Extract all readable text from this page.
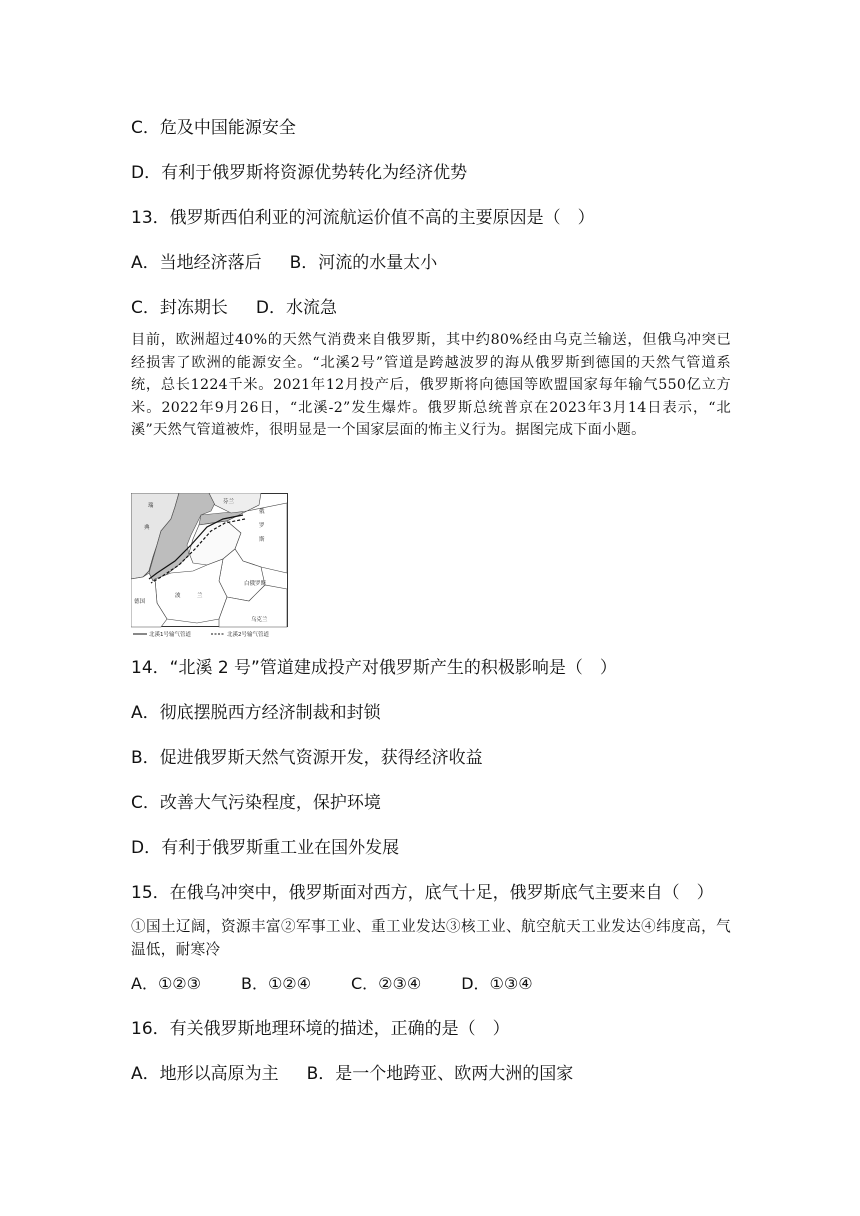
C．危及中国能源安全
D．有利于俄罗斯将资源优势转化为经济优势
13．俄罗斯西伯利亚的河流航运价值不高的主要原因是（　）
A．当地经济落后 B．河流的水量太小
C．封冻期长 D．水流急
目前，欧洲超过40%的天然气消费来自俄罗斯，其中约80%经由乌克兰输送，但俄乌冲突已经损害了欧洲的能源安全。“北溪2号”管道是跨越波罗的海从俄罗斯到德国的天然气管道系统，总长1224千米。2021年12月投产后，俄罗斯将向德国等欧盟国家每年输气550亿立方米。2022年9月26日，“北溪-2”发生爆炸。俄罗斯总统普京在2023年3月14日表示，“北溪”天然气管道被炸，很明显是一个国家层面的怖主义行为。据图完成下面小题。
瑞
典
芬兰
俄
罗
斯
白俄罗斯
德国
波	兰
乌克兰
北溪1号输气管道	北溪2号输气管道
14．“北溪 2 号”管道建成投产对俄罗斯产生的积极影响是（　）
A．彻底摆脱西方经济制裁和封锁
B．促进俄罗斯天然气资源开发，获得经济收益
C．改善大气污染程度，保护环境
D．有利于俄罗斯重工业在国外发展
15．在俄乌冲突中，俄罗斯面对西方，底气十足，俄罗斯底气主要来自（　）
①国土辽阔，资源丰富②军事工业、重工业发达③核工业、航空航天工业发达④纬度高，气温低，耐寒冷
A．①②③	B．①②④	C．②③④	D．①③④
16．有关俄罗斯地理环境的描述，正确的是（　）
A．地形以高原为主 B．是一个地跨亚、欧两大洲的国家
